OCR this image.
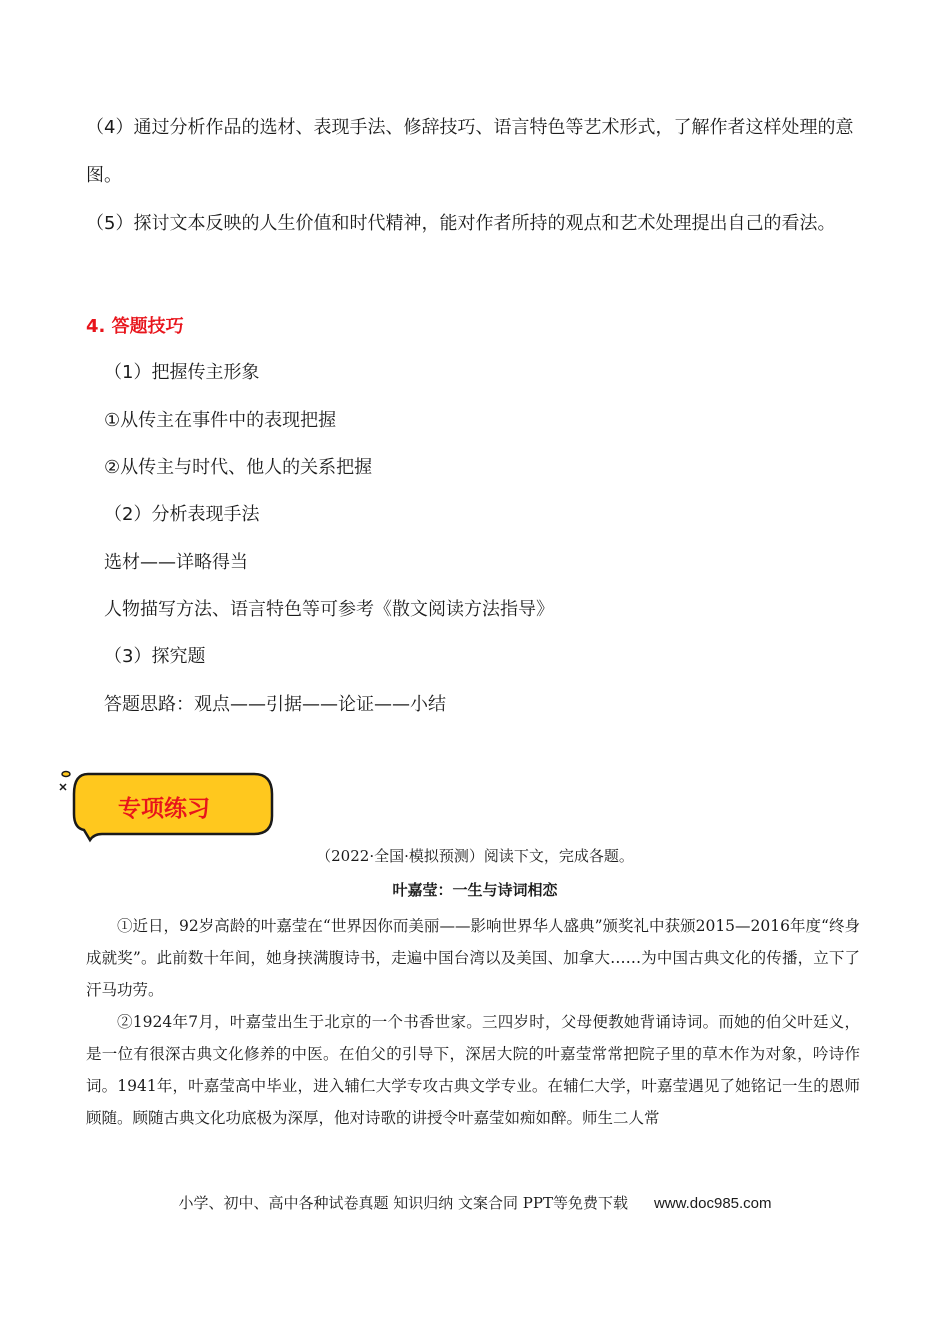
（4）通过分析作品的选材、表现手法、修辞技巧、语言特色等艺术形式，了解作者这样处理的意图。

（5）探讨文本反映的人生价值和时代精神，能对作者所持的观点和艺术处理提出自己的看法。

4. 答题技巧

（1）把握传主形象

①从传主在事件中的表现把握

②从传主与时代、他人的关系把握

（2）分析表现手法

选材——详略得当

人物描写方法、语言特色等可参考《散文阅读方法指导》

（3）探究题

答题思路：观点——引据——论证——小结

专项练习
（2022·全国·模拟预测）阅读下文，完成各题。
叶嘉莹：一生与诗词相恋

①近日，92岁高龄的叶嘉莹在“世界因你而美丽——影响世界华人盛典”颁奖礼中获颁2015—2016年度“终身成就奖”。此前数十年间，她身挟满腹诗书，走遍中国台湾以及美国、加拿大……为中国古典文化的传播，立下了汗马功劳。

②1924年7月，叶嘉莹出生于北京的一个书香世家。三四岁时，父母便教她背诵诗词。而她的伯父叶廷义，是一位有很深古典文化修养的中医。在伯父的引导下，深居大院的叶嘉莹常常把院子里的草木作为对象，吟诗作词。1941年，叶嘉莹高中毕业，进入辅仁大学专攻古典文学专业。在辅仁大学，叶嘉莹遇见了她铭记一生的恩师顾随。顾随古典文化功底极为深厚，他对诗歌的讲授令叶嘉莹如痴如醉。师生二人常

小学、初中、高中各种试卷真题 知识归纳 文案合同 PPT等免费下载 www.doc985.com
